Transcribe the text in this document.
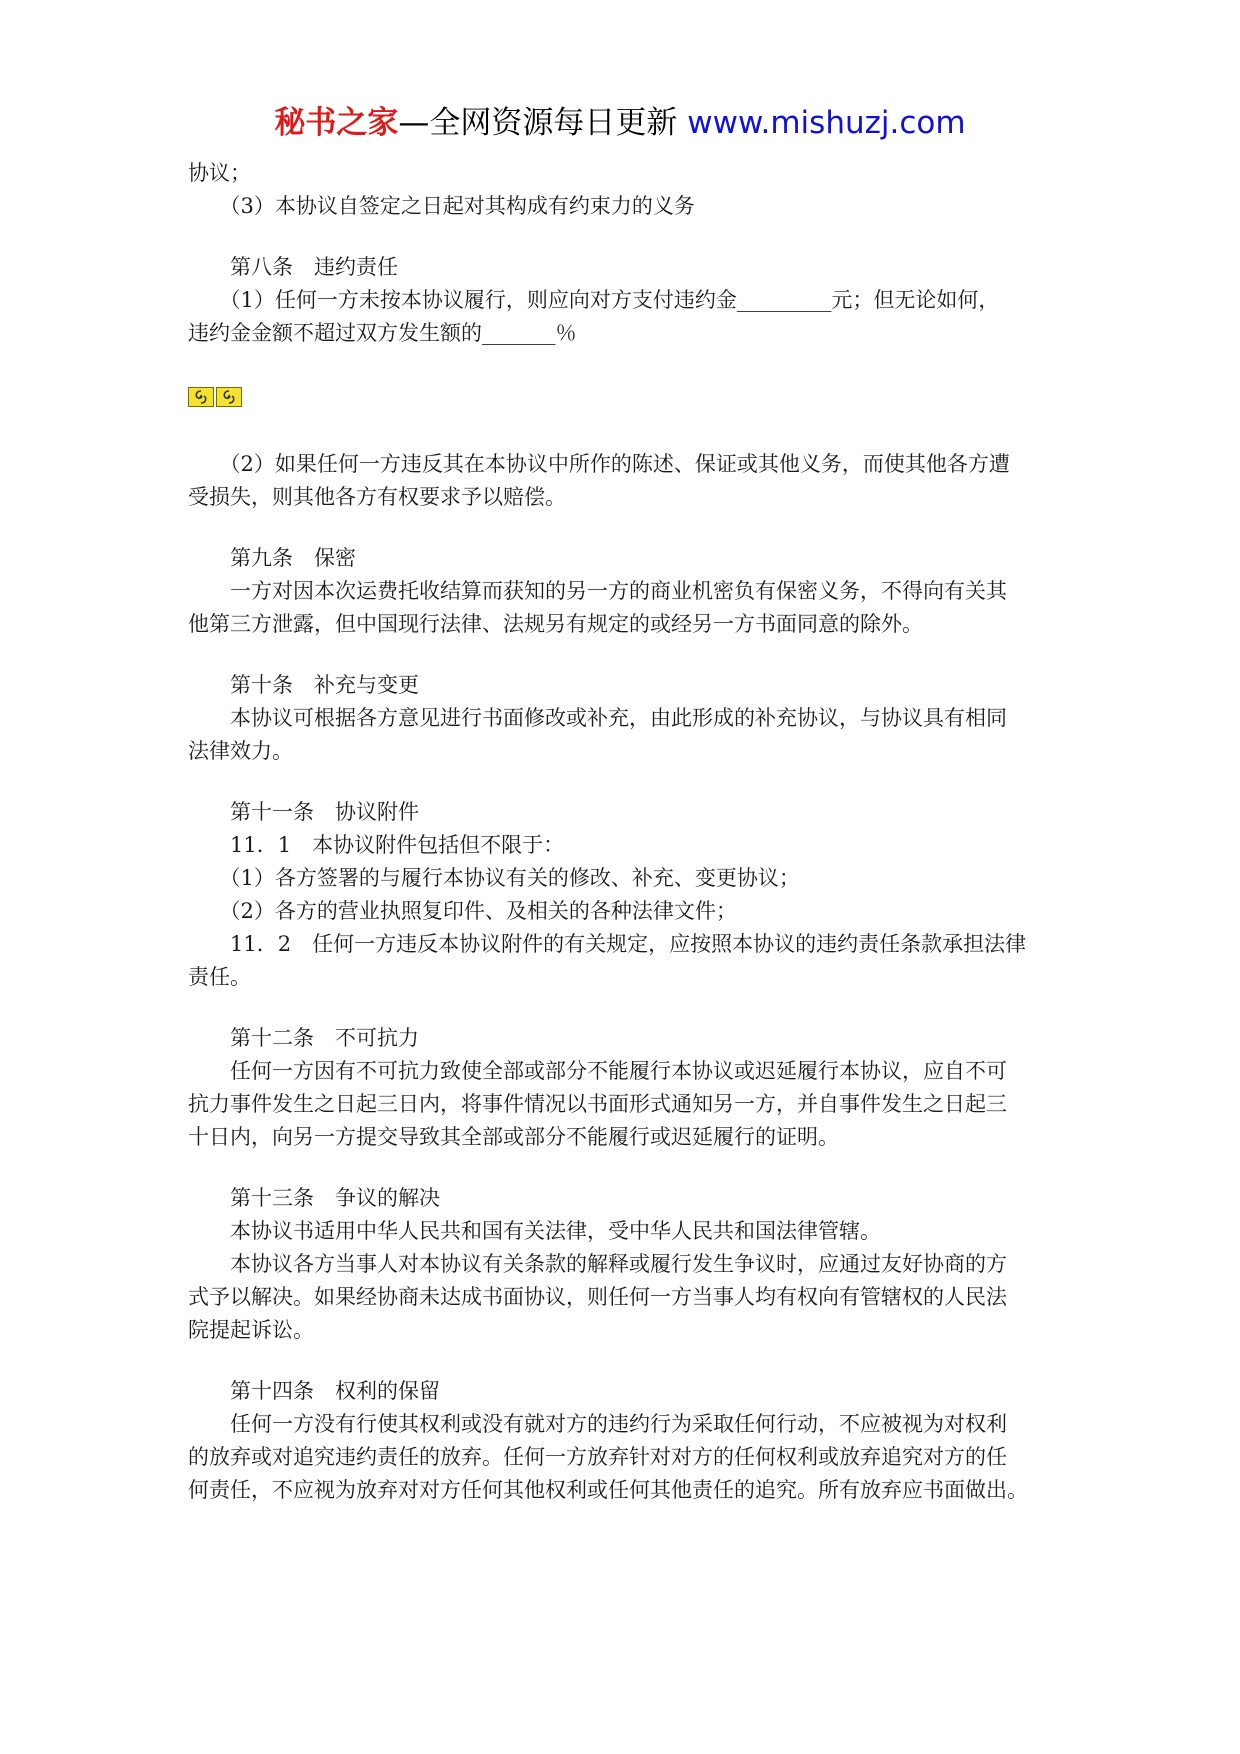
秘书之家—全网资源每日更新 www.mishuzj.com
协议；
　　（3）本协议自签定之日起对其构成有约束力的义务
　　第八条　违约责任
　　（1）任何一方未按本协议履行，则应向对方支付违约金_________元；但无论如何，
违约金金额不超过双方发生额的_______％
　　（2）如果任何一方违反其在本协议中所作的陈述、保证或其他义务，而使其他各方遭
受损失，则其他各方有权要求予以赔偿。
　　第九条　保密
　　一方对因本次运费托收结算而获知的另一方的商业机密负有保密义务，不得向有关其
他第三方泄露，但中国现行法律、法规另有规定的或经另一方书面同意的除外。
　　第十条　补充与变更
　　本协议可根据各方意见进行书面修改或补充，由此形成的补充协议，与协议具有相同
法律效力。
　　第十一条　协议附件
　　11．1　本协议附件包括但不限于：
　　（1）各方签署的与履行本协议有关的修改、补充、变更协议；
　　（2）各方的营业执照复印件、及相关的各种法律文件；
　　11．2　任何一方违反本协议附件的有关规定，应按照本协议的违约责任条款承担法律
责任。
　　第十二条　不可抗力
　　任何一方因有不可抗力致使全部或部分不能履行本协议或迟延履行本协议，应自不可
抗力事件发生之日起三日内，将事件情况以书面形式通知另一方，并自事件发生之日起三
十日内，向另一方提交导致其全部或部分不能履行或迟延履行的证明。
　　第十三条　争议的解决
　　本协议书适用中华人民共和国有关法律，受中华人民共和国法律管辖。
　　本协议各方当事人对本协议有关条款的解释或履行发生争议时，应通过友好协商的方
式予以解决。如果经协商未达成书面协议，则任何一方当事人均有权向有管辖权的人民法
院提起诉讼。
　　第十四条　权利的保留
　　任何一方没有行使其权利或没有就对方的违约行为采取任何行动，不应被视为对权利
的放弃或对追究违约责任的放弃。任何一方放弃针对对方的任何权利或放弃追究对方的任
何责任，不应视为放弃对对方任何其他权利或任何其他责任的追究。所有放弃应书面做出。
